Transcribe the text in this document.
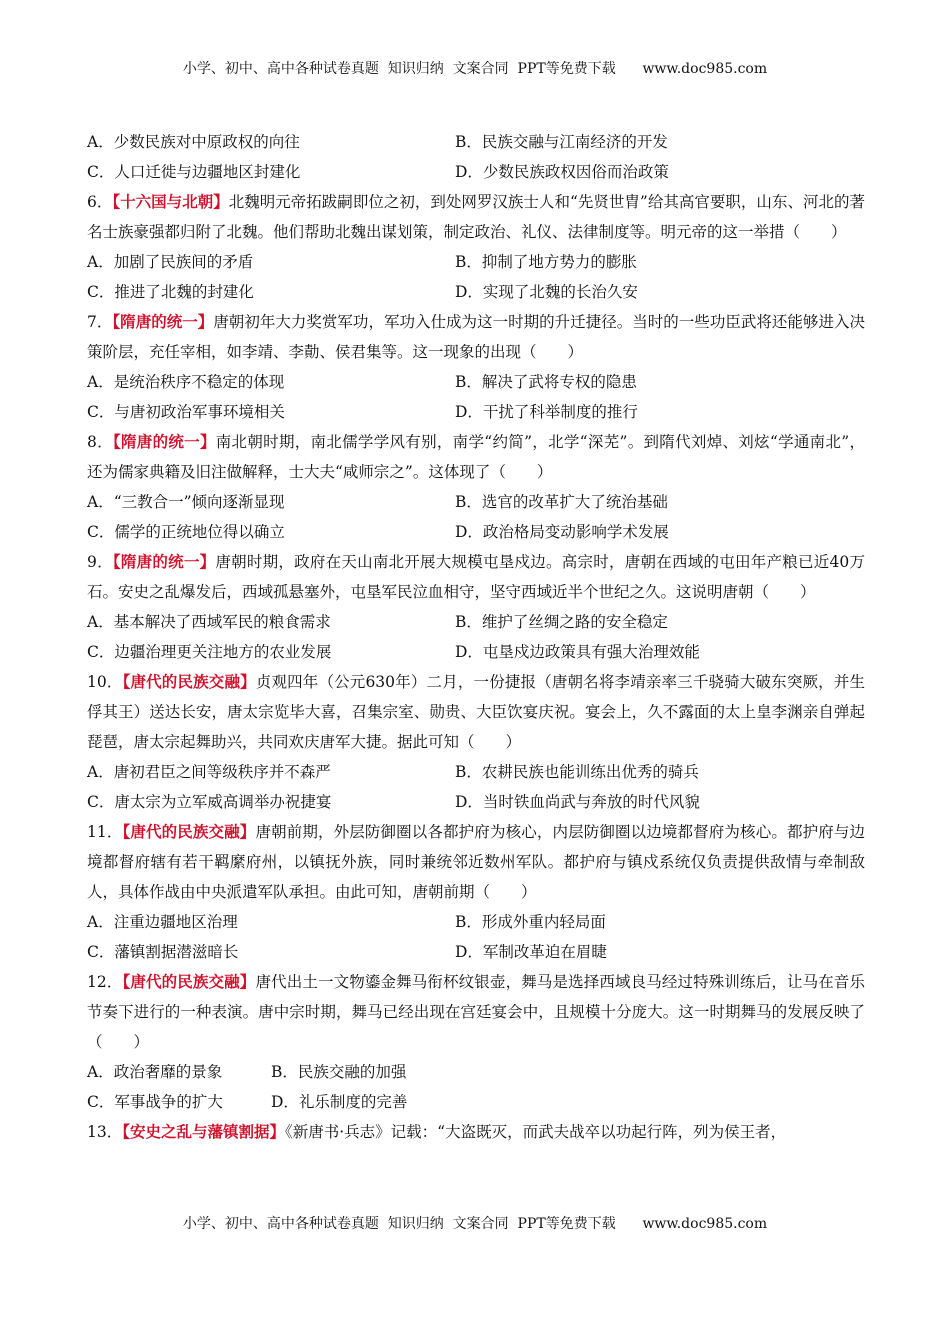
小学、初中、高中各种试卷真题  知识归纳  文案合同  PPT等免费下载      www.doc985.com
A．少数民族对中原政权的向往	B．民族交融与江南经济的开发
C．人口迁徙与边疆地区封建化	D．少数民族政权因俗而治政策
6．【十六国与北朝】北魏明元帝拓跋嗣即位之初，到处网罗汉族士人和“先贤世胄”给其高官要职，山东、河北的著名士族豪强都归附了北魏。他们帮助北魏出谋划策，制定政治、礼仪、法律制度等。明元帝的这一举措（　　）
A．加剧了民族间的矛盾	B．抑制了地方势力的膨胀
C．推进了北魏的封建化	D．实现了北魏的长治久安
7．【隋唐的统一】唐朝初年大力奖赏军功，军功入仕成为这一时期的升迁捷径。当时的一些功臣武将还能够进入决策阶层，充任宰相，如李靖、李勣、侯君集等。这一现象的出现（　　）
A．是统治秩序不稳定的体现	B．解决了武将专权的隐患
C．与唐初政治军事环境相关	D．干扰了科举制度的推行
8．【隋唐的统一】南北朝时期，南北儒学学风有别，南学“约简”，北学“深芜”。到隋代刘焯、刘炫“学通南北”，还为儒家典籍及旧注做解释，士大夫“咸师宗之”。这体现了（　　）
A．“三教合一”倾向逐渐显现	B．选官的改革扩大了统治基础
C．儒学的正统地位得以确立	D．政治格局变动影响学术发展
9．【隋唐的统一】唐朝时期，政府在天山南北开展大规模屯垦戍边。高宗时，唐朝在西域的屯田年产粮已近40万石。安史之乱爆发后，西域孤悬塞外，屯垦军民泣血相守，坚守西域近半个世纪之久。这说明唐朝（　　）
A．基本解决了西域军民的粮食需求	B．维护了丝绸之路的安全稳定
C．边疆治理更关注地方的农业发展	D．屯垦戍边政策具有强大治理效能
10．【唐代的民族交融】贞观四年（公元630年）二月，一份捷报（唐朝名将李靖亲率三千骁骑大破东突厥，并生俘其王）送达长安，唐太宗览毕大喜，召集宗室、勋贵、大臣饮宴庆祝。宴会上，久不露面的太上皇李渊亲自弹起琵琶，唐太宗起舞助兴，共同欢庆唐军大捷。据此可知（　　）
A．唐初君臣之间等级秩序并不森严	B．农耕民族也能训练出优秀的骑兵
C．唐太宗为立军威高调举办祝捷宴	D．当时铁血尚武与奔放的时代风貌
11．【唐代的民族交融】唐朝前期，外层防御圈以各都护府为核心，内层防御圈以边境都督府为核心。都护府与边境都督府辖有若干羁縻府州，以镇抚外族，同时兼统邻近数州军队。都护府与镇戍系统仅负责提供敌情与牵制敌人，具体作战由中央派遣军队承担。由此可知，唐朝前期（　　）
A．注重边疆地区治理	B．形成外重内轻局面
C．藩镇割据潜滋暗长	D．军制改革迫在眉睫
12．【唐代的民族交融】唐代出土一文物鎏金舞马衔杯纹银壶，舞马是选择西域良马经过特殊训练后，让马在音乐节奏下进行的一种表演。唐中宗时期，舞马已经出现在宫廷宴会中，且规模十分庞大。这一时期舞马的发展反映了（　　）
A．政治奢靡的景象	B．民族交融的加强
C．军事战争的扩大	D．礼乐制度的完善
13．【安史之乱与藩镇割据】《新唐书·兵志》记载：“大盗既灭，而武夫战卒以功起行阵，列为侯王者，
小学、初中、高中各种试卷真题  知识归纳  文案合同  PPT等免费下载      www.doc985.com
